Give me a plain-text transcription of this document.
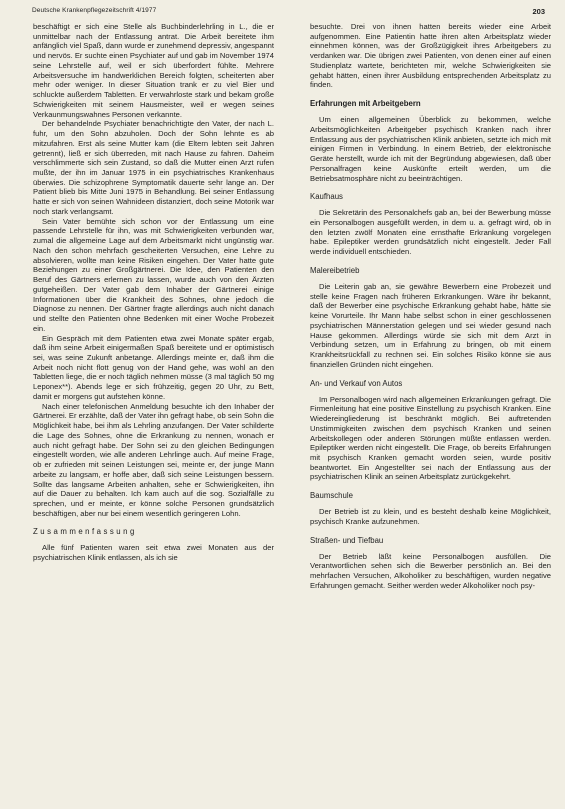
Deutsche Krankenpflegezeitschrift 4/1977	203

beschäftigt er sich eine Stelle als Buchbinderlehrling in L., die er unmittelbar nach der Entlassung antrat. Die Arbeit bereitete ihm anfänglich viel Spaß, dann wurde er zunehmend depressiv, angespannt und nervös. Er suchte einen Psychiater auf und gab im November 1974 seine Lehrstelle auf, weil er sich überfordert fühlte. Mehrere Arbeitsversuche im handwerklichen Bereich folgten, scheiterten aber mehr oder weniger. In dieser Situation trank er zu viel Bier und schluckte außerdem Tabletten. Er verwahrloste stark und bekam große Schwierigkeiten mit seinem Hausmeister, weil er wegen seines Verkaunmungswahnes Personen verkannte.

Der behandelnde Psychiater benachrichtigte den Vater, der nach L. fuhr, um den Sohn abzuholen. Doch der Sohn lehnte es ab mitzufahren. Erst als seine Mutter kam (die Eltern lebten seit Jahren getrennt), ließ er sich überreden, mit nach Hause zu fahren. Daheim verschlimmerte sich sein Zustand, so daß die Mutter einen Arzt rufen mußte, der ihn im Januar 1975 in ein psychiatrisches Krankenhaus überwies. Die schizophrene Symptomatik dauerte sehr lange an. Der Patient blieb bis Mitte Juni 1975 in Behandlung. Bei seiner Entlassung hatte er sich von seinen Wahnideen distanziert, doch seine Motorik war noch stark verlangsamt.

Sein Vater bemühte sich schon vor der Entlassung um eine passende Lehrstelle für ihn, was mit Schwierigkeiten verbunden war, zumal die allgemeine Lage auf dem Arbeitsmarkt nicht ungünstig war. Nach den schon mehrfach gescheiterten Versuchen, eine Lehre zu absolvieren, wollte man keine Risiken eingehen. Der Vater hatte gute Beziehungen zu einer Großgärtnerei. Die Idee, den Patienten den Beruf des Gärtners erlernen zu lassen, wurde auch von den Ärzten gutgeheißen. Der Vater gab dem Inhaber der Gärtnerei einige Informationen über die Krankheit des Sohnes, ohne jedoch die Diagnose zu nennen. Der Gärtner fragte allerdings auch nicht danach und stellte den Patienten ohne Bedenken mit einer Woche Probezeit ein.

Ein Gespräch mit dem Patienten etwa zwei Monate später ergab, daß ihm seine Arbeit einigermaßen Spaß bereitete und er optimistisch sei, was seine Zukunft anbetange. Allerdings meinte er, daß ihm die Arbeit noch nicht flott genug von der Hand gehe, was wohl an den Tabletten liege, die er noch täglich nehmen müsse (3 mal täglich 50 mg Leponex**). Abends lege er sich frühzeitig, gegen 20 Uhr, zu Bett, damit er morgens gut aufstehen könne.

Nach einer telefonischen Anmeldung besuchte ich den Inhaber der Gärtnerei. Er erzählte, daß der Vater ihn gefragt habe, ob sein Sohn die Möglichkeit habe, bei ihm als Lehrling anzufangen. Der Vater schilderte die Lage des Sohnes, ohne die Erkrankung zu nennen, wonach er auch nicht gefragt habe. Der Sohn sei zu den gleichen Bedingungen eingestellt worden, wie alle anderen Lehrlinge auch. Auf meine Frage, ob er zufrieden mit seinen Leistungen sei, meinte er, der junge Mann arbeite zu langsam, er hoffe aber, daß sich seine Leistungen bessern. Sollte das langsame Arbeiten anhalten, sehe er Schwierigkeiten, ihn auf die Dauer zu behalten. Ich kam auch auf die sog. Sozialfälle zu sprechen, und er meinte, er könne solche Personen grundsätzlich beschäftigen, aber nur bei einem wesentlich geringeren Lohn.

Zusammenfassung

Alle fünf Patienten waren seit etwa zwei Monaten aus der psychiatrischen Klinik entlassen, als ich sie

besuchte. Drei von ihnen hatten bereits wieder eine Arbeit aufgenommen. Eine Patientin hatte ihren alten Arbeitsplatz wieder einnehmen können, was der Großzügigkeit ihres Arbeitgebers zu verdanken war. Die übrigen zwei Patienten, von denen einer auf einen Studienplatz wartete, berichteten mir, welche Schwierigkeiten sie gehabt hätten, einen ihrer Ausbildung entsprechenden Arbeitsplatz zu finden.

Erfahrungen mit Arbeitgebern

Um einen allgemeinen Überblick zu bekommen, welche Arbeitsmöglichkeiten Arbeitgeber psychisch Kranken nach ihrer Entlassung aus der psychiatrischen Klinik anbieten, setzte ich mich mit einigen Firmen in Verbindung. In einem Betrieb, der elektronische Geräte herstellt, wurde ich mit der Begründung abgewiesen, daß über Personalfragen keine Auskünfte erteilt werden, um die Betriebsatmosphäre nicht zu beeinträchtigen.

Kaufhaus

Die Sekretärin des Personalchefs gab an, bei der Bewerbung müsse ein Personalbogen ausgefüllt werden, in dem u. a. gefragt wird, ob in den letzten zwölf Monaten eine ernsthafte Erkrankung vorgelegen habe. Epileptiker werden grundsätzlich nicht eingestellt. Jeder Fall werde individuell entschieden.

Malereibetrieb

Die Leiterin gab an, sie gewähre Bewerbern eine Probezeit und stelle keine Fragen nach früheren Erkrankungen. Wäre ihr bekannt, daß der Bewerber eine psychische Erkrankung gehabt habe, hätte sie keine Vorurteile. Ihr Mann habe selbst schon in einer geschlossenen psychiatrischen Männerstation gelegen und sei wieder gesund nach Hause gekommen. Allerdings würde sie sich mit dem Arzt in Verbindung setzen, um in Erfahrung zu bringen, ob mit einem Krankheitsrückfall zu rechnen sei. Ein solches Risiko könne sie aus finanziellen Gründen nicht eingehen.

An- und Verkauf von Autos

Im Personalbogen wird nach allgemeinen Erkrankungen gefragt. Die Firmenleitung hat eine positive Einstellung zu psychisch Kranken. Eine Wiedereingliederung ist beschränkt möglich. Bei auftretenden Unstimmigkeiten zwischen dem psychisch Kranken und seinen Arbeitskollegen oder anderen Störungen müßte entlassen werden. Epileptiker werden nicht eingestellt. Die Frage, ob bereits Erfahrungen mit psychisch Kranken gemacht worden seien, wurde positiv beantwortet. Ein Angestellter sei nach der Entlassung aus der psychiatrischen Klinik an seinen Arbeitsplatz zurückgekehrt.

Baumschule

Der Betrieb ist zu klein, und es besteht deshalb keine Möglichkeit, psychisch Kranke aufzunehmen.

Straßen- und Tiefbau

Der Betrieb läßt keine Personalbogen ausfüllen. Die Verantwortlichen sehen sich die Bewerber persönlich an. Bei den mehrfachen Versuchen, Alkoholiker zu beschäftigen, wurden negative Erfahrungen gemacht. Seither werden weder Alkoholiker noch psy-
